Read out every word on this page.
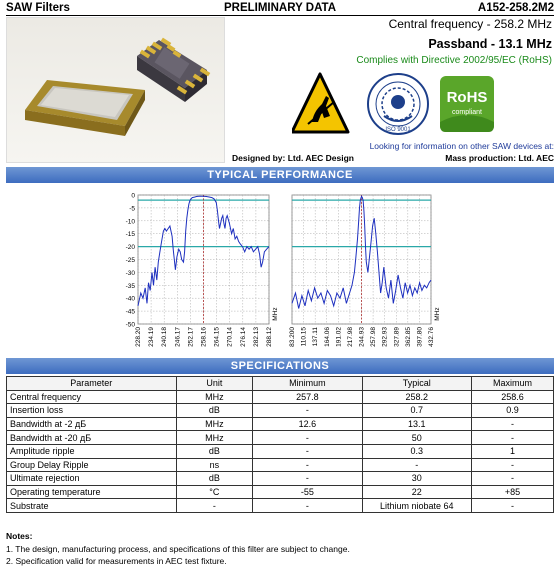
SAW Filters	PRELIMINARY DATA	A152-258.2M2
Central frequency - 258.2 MHz
Passband - 13.1 MHz
Complies with Directive 2002/95/EC (RoHS)
ISO 9001
RoHS
compliant
Looking for information on other SAW devices at:
Designed by: Ltd. AEC Design	Mass production: Ltd. AEC
TYPICAL PERFORMANCE
0
-5
-10
-15
-20
-25
-30
-35
-40
-45
-50
228.20 234.19 240.18 246.17 252.17 258.16 264.15 270.14 276.14 282.13 288.12
MHz
83.200 110.15 137.11 164.06 191.02 217.98 244.93 257.98 292.93 327.89 362.85 397.80 432.76
MHz
SPECIFICATIONS
Parameter	Unit	Minimum	Typical	Maximum
Central frequency	MHz	257.8	258.2	258.6
Insertion loss	dB	-	0.7	0.9
Bandwidth at -2 дБ	MHz	12.6	13.1	-
Bandwidth at -20 дБ	MHz	-	50	-
Amplitude ripple	dB	-	0.3	1
Group Delay Ripple	ns	-	-	-
Ultimate rejection	dB	-	30	-
Operating temperature	°C	-55	22	+85
Substrate	-	-	Lithium niobate 64	-
Notes:
1. The design, manufacturing process, and specifications of this filter are subject to change.
2. Specification valid for measurements in AEC test fixture.
